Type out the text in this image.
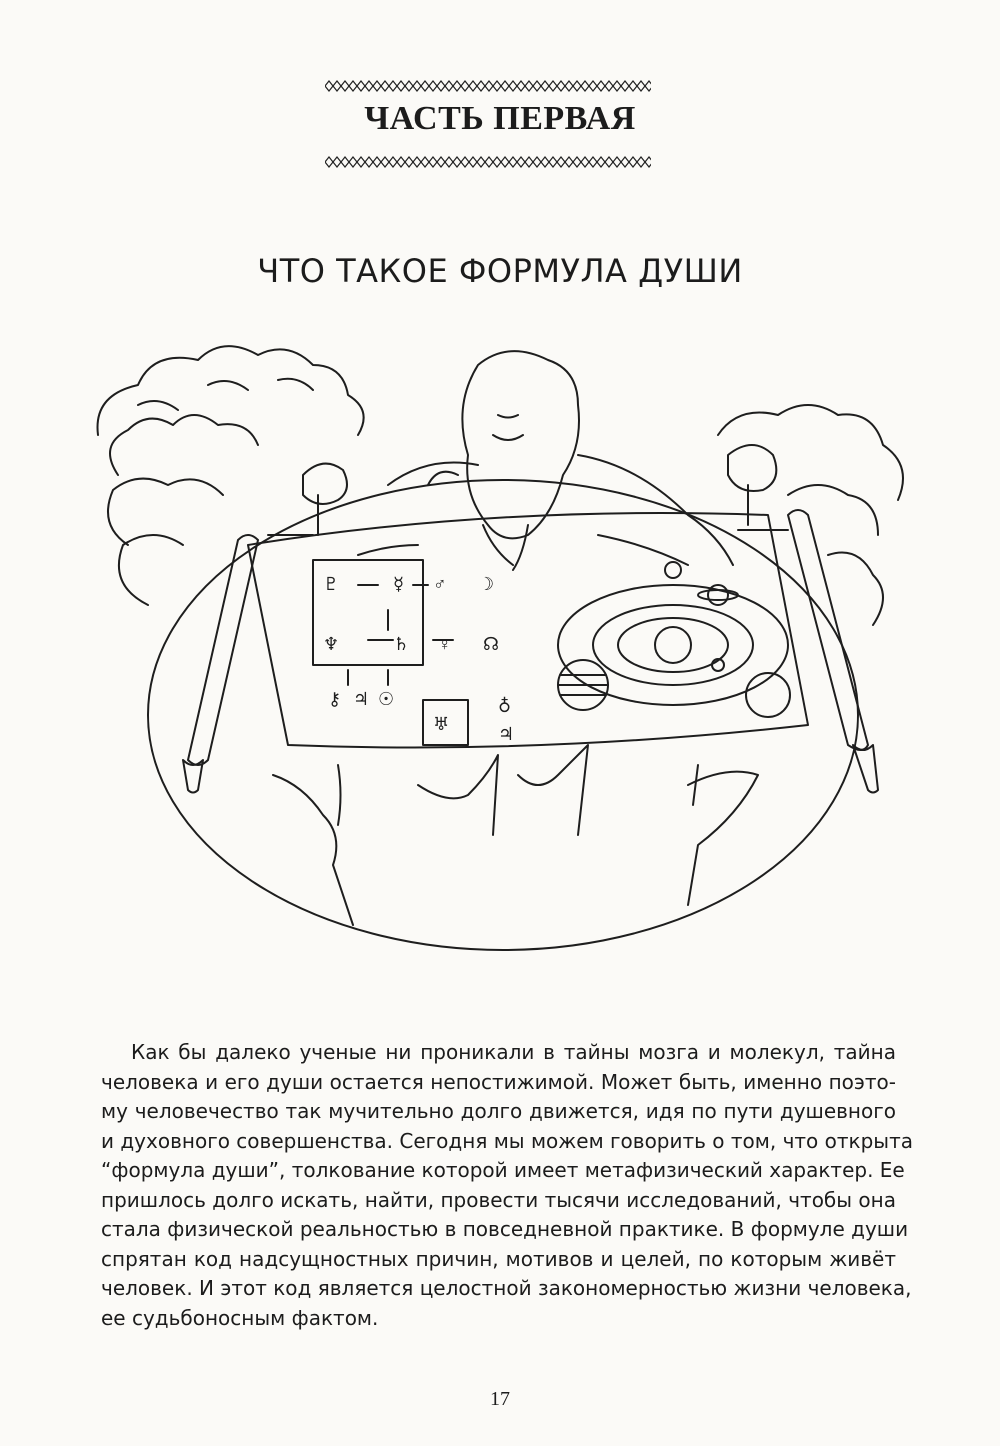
ЧАСТЬ ПЕРВАЯ
ЧТО ТАКОЕ ФОРМУЛА ДУШИ
♇	☿ ♂ ☽
♆	♄ ♀ ☊
⚷ ♃ ☉
♅
♁
♃

Как бы далеко ученые ни проникали в тайны мозга и молекул, тайна
человека и его души остается непостижимой. Может быть, именно поэто-
му человечество так мучительно долго движется, идя по пути душевного
и духовного совершенства. Сегодня мы можем говорить о том, что открыта
“формула души”, толкование которой имеет метафизический характер. Ее
пришлось долго искать, найти, провести тысячи исследований, чтобы она
стала физической реальностью в повседневной практике. В формуле души
спрятан код надсущностных причин, мотивов и целей, по которым живёт
человек. И этот код является целостной закономерностью жизни человека,
ее судьбоносным фактом.

17
